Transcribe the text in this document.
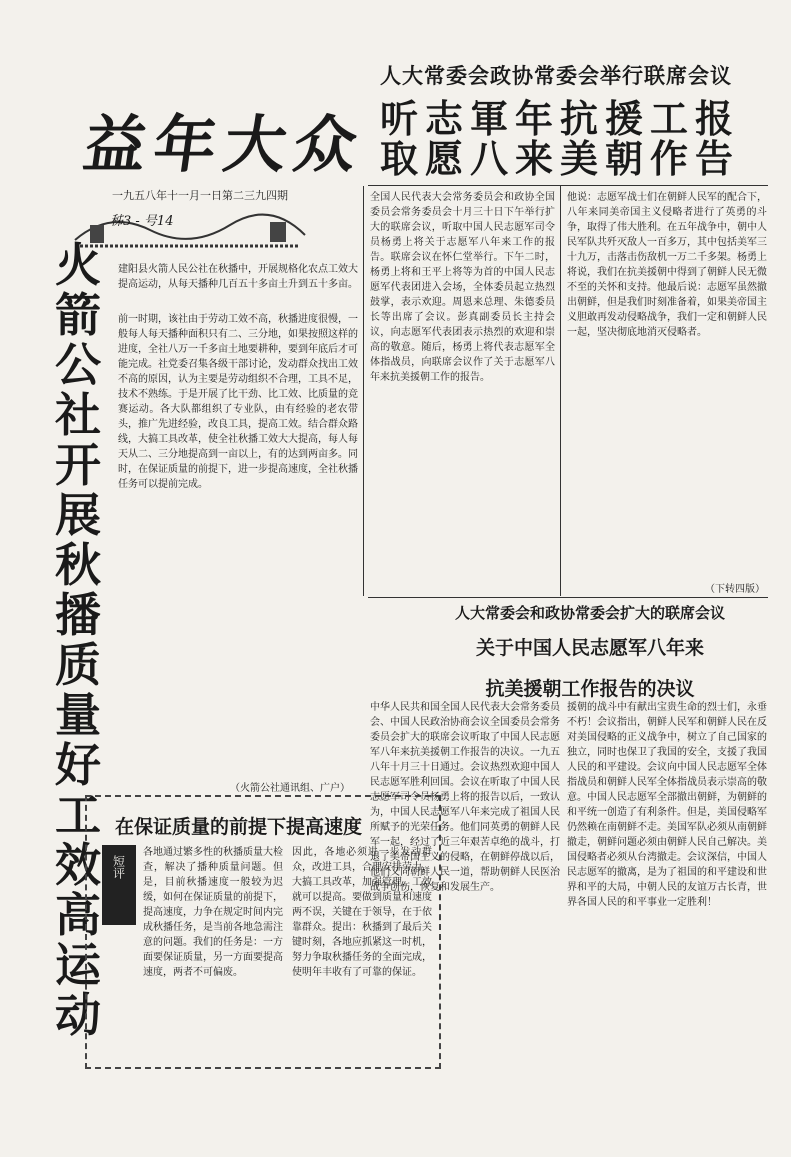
益年大众
一九五八年十一月一日 第二三九四期
秭3 - 号14
人大常委会政协常委会举行联席会议
听 志 軍 年 抗 援 工 报
取 愿 八 来 美 朝 作 告
火
箭
公
社
开
展
秋
播
质
量
好
工
效
高
运
动
建阳县火箭人民公社在秋播中，开展规格化农点工效大提高运动，从每天播种几百五十多亩土升到五十多亩。
前一时期，该社由于劳动工效不高，秋播进度很慢，一般每人每天播种面积只有二、三分地，如果按照这样的进度，全社八万一千多亩土地要耕种，要到年底后才可能完成。社党委召集各级干部讨论，发动群众找出工效不高的原因，认为主要是劳动组织不合理，工具不足，技术不熟练。于是开展了比干劲、比工效、比质量的竞赛运动。各大队都组织了专业队，由有经验的老农带头，推广先进经验，改良工具，提高工效。结合群众路线，大搞工具改革，使全社秋播工效大大提高，每人每天从二、三分地提高到一亩以上，有的达到两亩多。同时，在保证质量的前提下，进一步提高速度，全社秋播任务可以提前完成。
（火箭公社通讯组、广户）
全国人民代表大会常务委员会和政协全国委员会常务委员会十月三十日下午举行扩大的联席会议，听取中国人民志愿军司令员杨勇上将关于志愿军八年来工作的报告。联席会议在怀仁堂举行。下午二时，杨勇上将和王平上将等为首的中国人民志愿军代表团进入会场，全体委员起立热烈鼓掌，表示欢迎。周恩来总理、朱德委员长等出席了会议。彭真副委员长主持会议，向志愿军代表团表示热烈的欢迎和崇高的敬意。随后，杨勇上将代表志愿军全体指战员，向联席会议作了关于志愿军八年来抗美援朝工作的报告。
他说：志愿军战士们在朝鲜人民军的配合下，八年来同美帝国主义侵略者进行了英勇的斗争，取得了伟大胜利。在五年战争中，朝中人民军队共歼灭敌人一百多万，其中包括美军三十九万，击落击伤敌机一万二千多架。杨勇上将说，我们在抗美援朝中得到了朝鲜人民无微不至的关怀和支持。他最后说：志愿军虽然撤出朝鲜，但是我们时刻准备着，如果美帝国主义胆敢再发动侵略战争，我们一定和朝鲜人民一起，坚决彻底地消灭侵略者。
（下转四版）
人大常委会和政协常委会扩大的联席会议
关于中国人民志愿军八年来
抗美援朝工作报告的决议
中华人民共和国全国人民代表大会常务委员会、中国人民政治协商会议全国委员会常务委员会扩大的联席会议听取了中国人民志愿军八年来抗美援朝工作报告的决议。一九五八年十月三十日通过。会议热烈欢迎中国人民志愿军胜利回国。会议在听取了中国人民志愿军司令员杨勇上将的报告以后，一致认为，中国人民志愿军八年来完成了祖国人民所赋予的光荣任务。他们同英勇的朝鲜人民军一起，经过了近三年艰苦卓绝的战斗，打退了美帝国主义的侵略，在朝鲜停战以后，他们又同朝鲜人民一道，帮助朝鲜人民医治战争创伤，恢复和发展生产。
援朝的战斗中有献出宝贵生命的烈士们，永垂不朽！会议指出，朝鲜人民军和朝鲜人民在反对美国侵略的正义战争中，树立了自己国家的独立，同时也保卫了我国的安全，支援了我国人民的和平建设。会议向中国人民志愿军全体指战员和朝鲜人民军全体指战员表示崇高的敬意。中国人民志愿军全部撤出朝鲜，为朝鲜的和平统一创造了有利条件。但是，美国侵略军仍然赖在南朝鲜不走。美国军队必须从南朝鲜撤走，朝鲜问题必须由朝鲜人民自己解决。美国侵略者必须从台湾撤走。会议深信，中国人民志愿军的撤离，是为了祖国的和平建设和世界和平的大局，中朝人民的友谊万古长青，世界各国人民的和平事业一定胜利！
在保证质量的前提下提高速度
短评
各地通过繁多性的秋播质量大检查，解决了播种质量问题。但是，目前秋播速度一般较为迟缓，如何在保证质量的前提下，提高速度，力争在规定时间内完成秋播任务，是当前各地急需注意的问题。我们的任务是：一方面要保证质量，另一方面要提高速度，两者不可偏废。
因此，各地必须进一步发动群众，改进工具，合理安排劳力，大搞工具改革，加强管理，工效就可以提高。要做到质量和速度两不误，关键在于领导，在于依靠群众。提出：秋播到了最后关键时刻，各地应抓紧这一时机，努力争取秋播任务的全面完成，使明年丰收有了可靠的保证。
